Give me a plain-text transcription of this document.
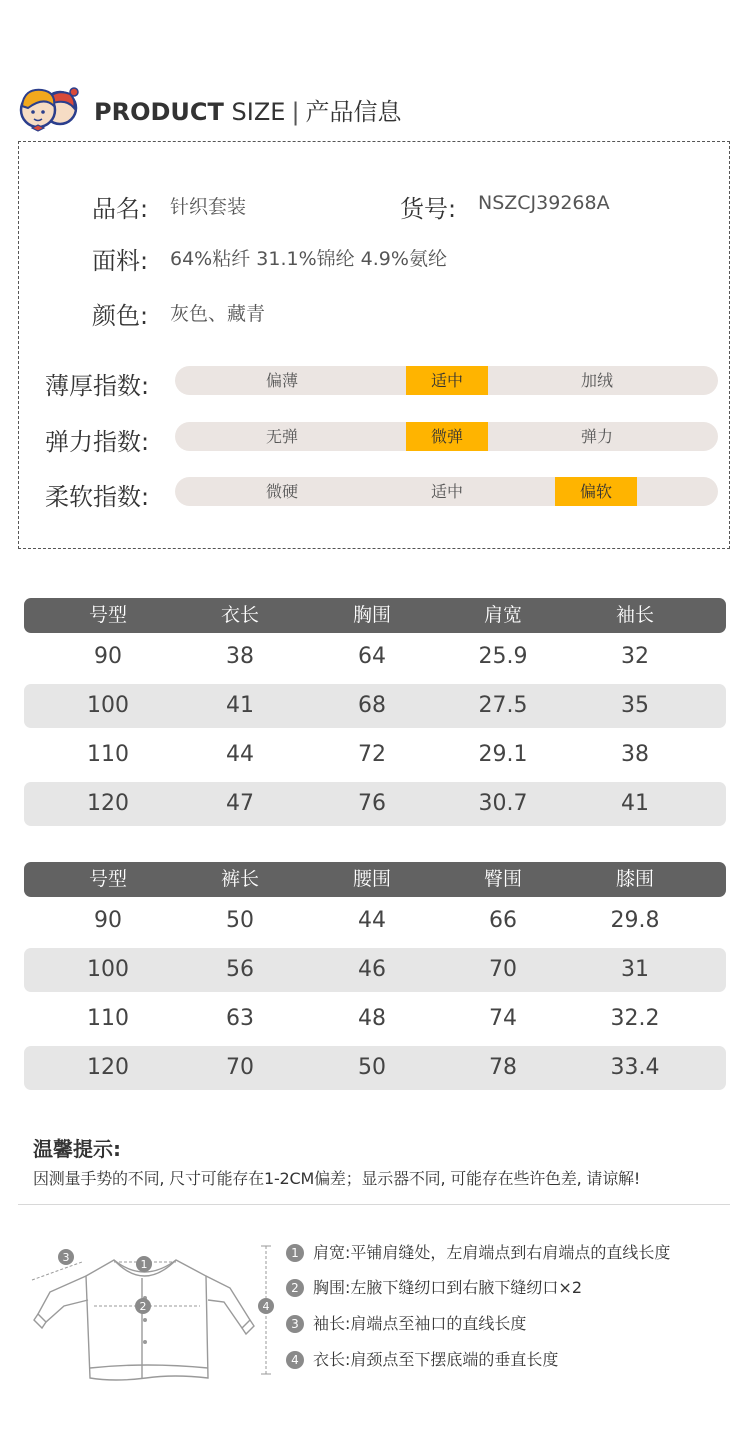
PRODUCT SIZE | 产品信息
品名: 针织套装	货号: NSZCJ39268A
面料: 64%粘纤 31.1%锦纶 4.9%氨纶
颜色: 灰色、藏青
薄厚指数:	偏薄	适中	加绒
弹力指数:	无弹	微弹	弹力
柔软指数:	微硬	适中	偏软
号型	衣长	胸围	肩宽	袖长
90	38	64	25.9	32
100	41	68	27.5	35
110	44	72	29.1	38
120	47	76	30.7	41
号型	裤长	腰围	臀围	膝围
90	50	44	66	29.8
100	56	46	70	31
110	63	48	74	32.2
120	70	50	78	33.4
温馨提示:
因测量手势的不同, 尺寸可能存在1-2CM偏差；显示器不同, 可能存在些许色差, 请谅解!
1
2
3
4
1 肩宽:平铺肩缝处，左肩端点到右肩端点的直线长度
2 胸围:左腋下缝纫口到右腋下缝纫口×2
3 袖长:肩端点至袖口的直线长度
4 衣长:肩颈点至下摆底端的垂直长度
